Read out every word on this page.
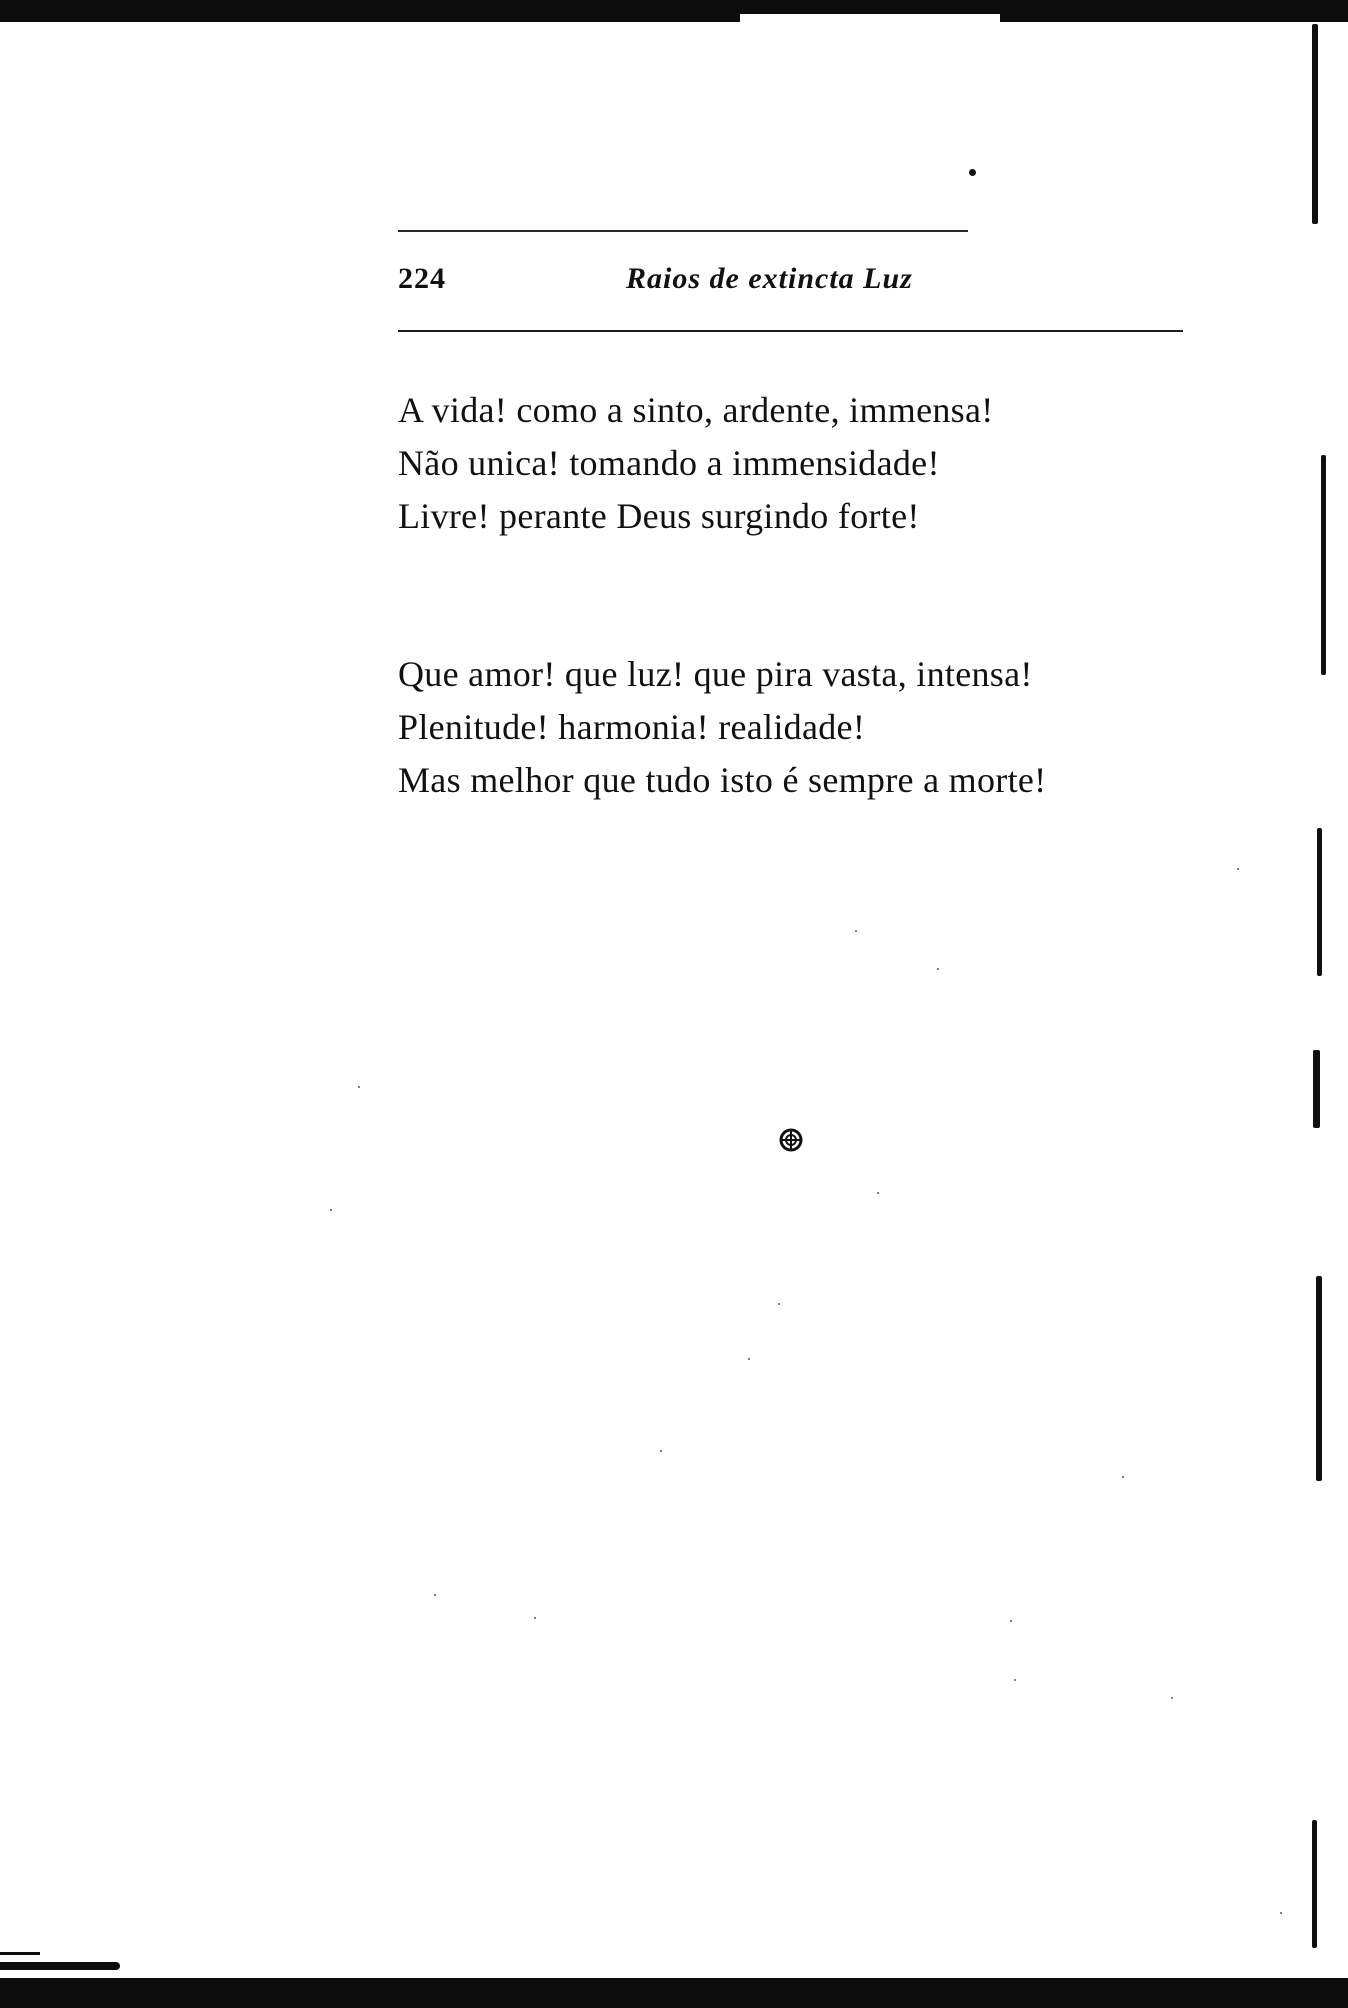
224	Raios de extincta Luz
A vida! como a sinto, ardente, immensa!
Não unica! tomando a immensidade!
Livre! perante Deus surgindo forte!
Que amor! que luz! que pira vasta, intensa!
Plenitude! harmonia! realidade!
Mas melhor que tudo isto é sempre a morte!
